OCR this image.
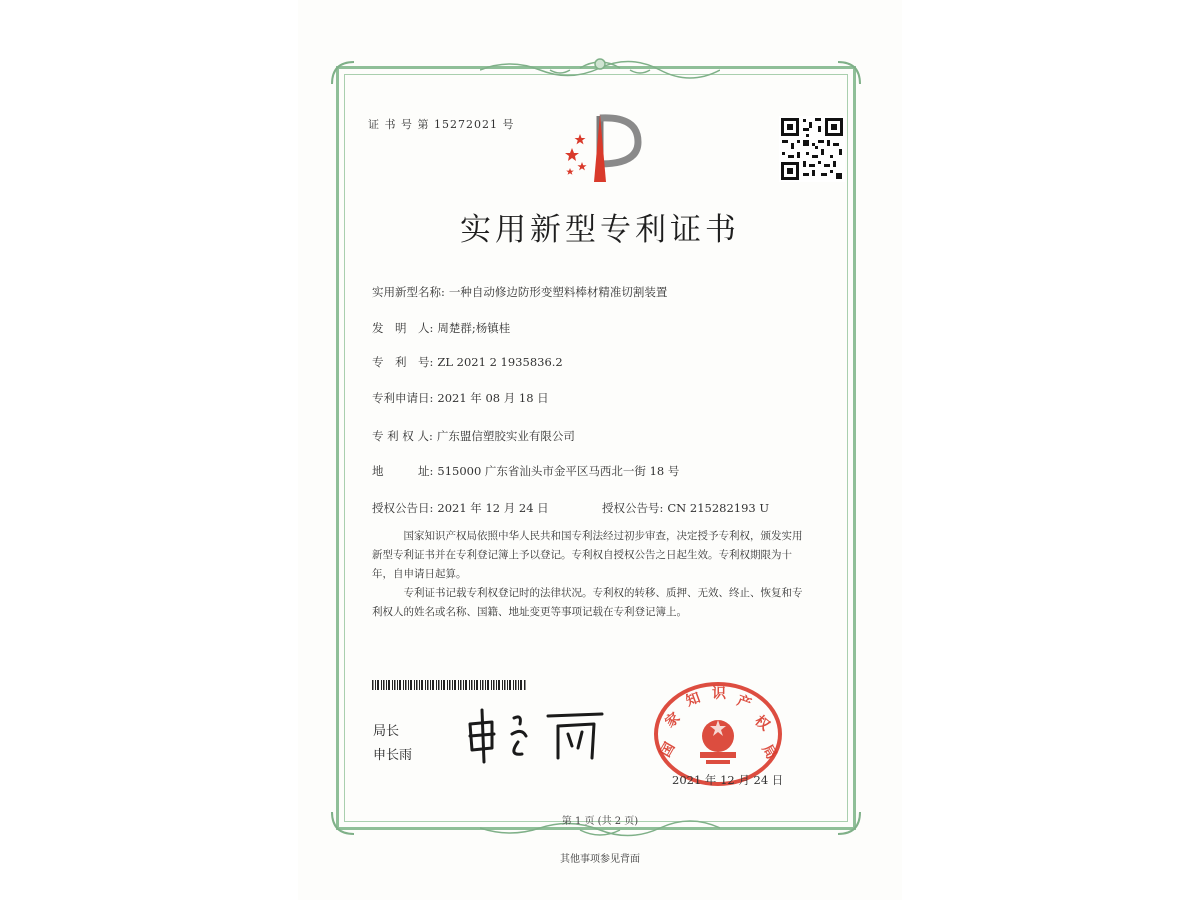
证 书 号 第 15272021 号
实用新型专利证书
实用新型名称: 一种自动修边防形变塑料棒材精准切割装置
发　明　人: 周楚群;杨镇桂
专　利　号: ZL 2021 2 1935836.2
专利申请日: 2021 年 08 月 18 日
专 利 权 人: 广东盟信塑胶实业有限公司
地　　　址: 515000 广东省汕头市金平区马西北一街 18 号
授权公告日: 2021 年 12 月 24 日	授权公告号: CN 215282193 U
　　　国家知识产权局依照中华人民共和国专利法经过初步审查，决定授予专利权，颁发实用
新型专利证书并在专利登记簿上予以登记。专利权自授权公告之日起生效。专利权期限为十
年，自申请日起算。
　　　专利证书记载专利权登记时的法律状况。专利权的转移、质押、无效、终止、恢复和专
利权人的姓名或名称、国籍、地址变更等事项记载在专利登记簿上。
局长
申长雨	国
家
知 识 产
权
局
2021 年 12 月 24 日
第 1 页 (共 2 页)
其他事项参见背面
